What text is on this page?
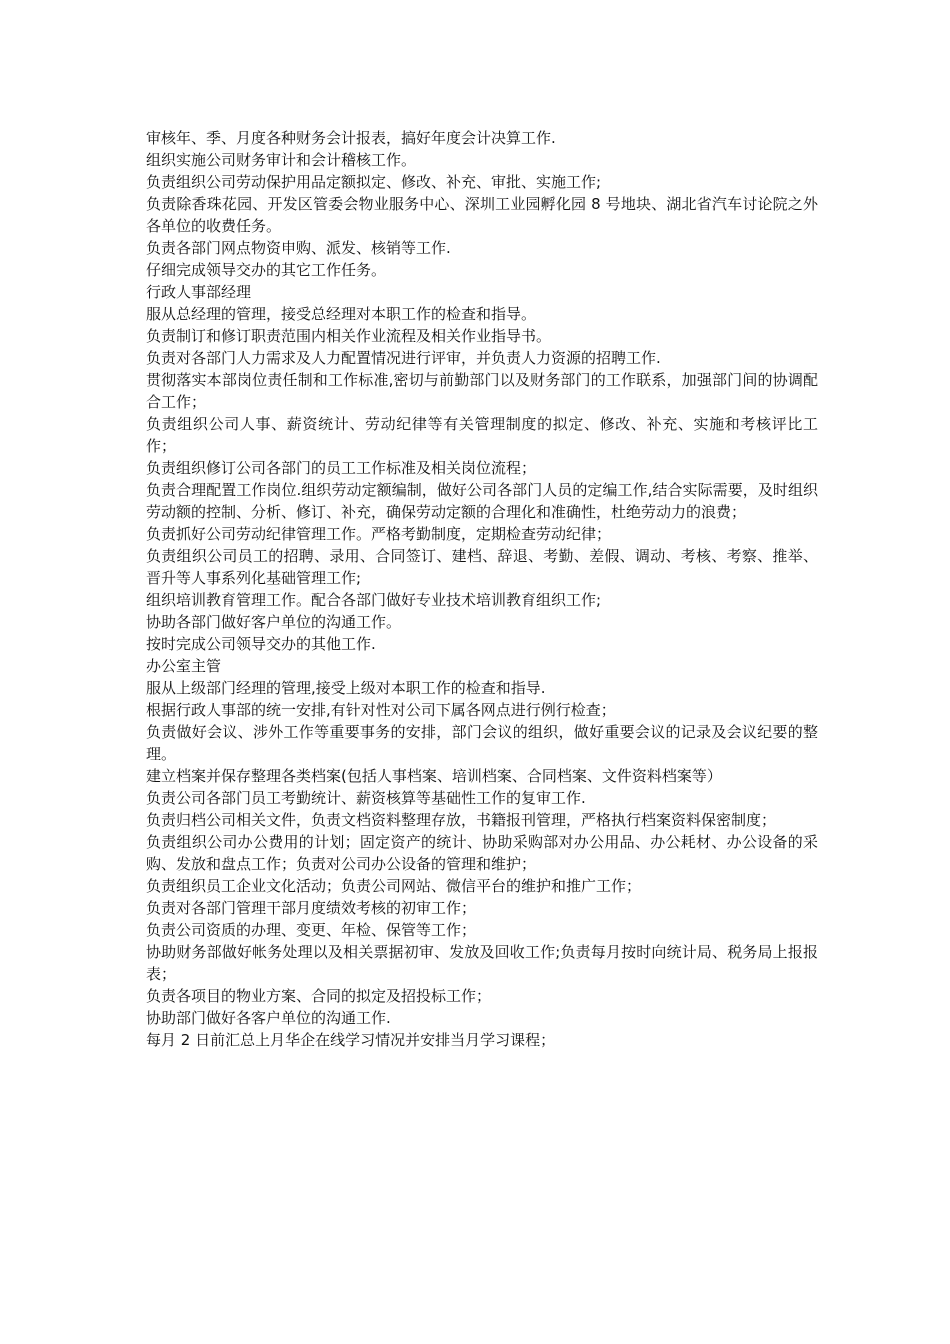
审核年、季、月度各种财务会计报表，搞好年度会计决算工作.

组织实施公司财务审计和会计稽核工作。

负责组织公司劳动保护用品定额拟定、修改、补充、审批、实施工作;

负责除香珠花园、开发区管委会物业服务中心、深圳工业园孵化园 8 号地块、湖北省汽车讨论院之外各单位的收费任务。

负责各部门网点物资申购、派发、核销等工作.

仔细完成领导交办的其它工作任务。

行政人事部经理

服从总经理的管理，接受总经理对本职工作的检查和指导。

负责制订和修订职责范围内相关作业流程及相关作业指导书。

负责对各部门人力需求及人力配置情况进行评审，并负责人力资源的招聘工作.

贯彻落实本部岗位责任制和工作标准,密切与前勤部门以及财务部门的工作联系，加强部门间的协调配合工作；

负责组织公司人事、薪资统计、劳动纪律等有关管理制度的拟定、修改、补充、实施和考核评比工作；

负责组织修订公司各部门的员工工作标准及相关岗位流程；

负责合理配置工作岗位.组织劳动定额编制，做好公司各部门人员的定编工作,结合实际需要，及时组织劳动额的控制、分析、修订、补充，确保劳动定额的合理化和准确性，杜绝劳动力的浪费；

负责抓好公司劳动纪律管理工作。严格考勤制度，定期检查劳动纪律；

负责组织公司员工的招聘、录用、合同签订、建档、辞退、考勤、差假、调动、考核、考察、推举、晋升等人事系列化基础管理工作;

组织培训教育管理工作。配合各部门做好专业技术培训教育组织工作;

协助各部门做好客户单位的沟通工作。

按时完成公司领导交办的其他工作.

办公室主管

服从上级部门经理的管理,接受上级对本职工作的检查和指导.

根据行政人事部的统一安排,有针对性对公司下属各网点进行例行检查；

负责做好会议、涉外工作等重要事务的安排，部门会议的组织，做好重要会议的记录及会议纪要的整理。

建立档案并保存整理各类档案(包括人事档案、培训档案、合同档案、文件资料档案等）

负责公司各部门员工考勤统计、薪资核算等基础性工作的复审工作.

负责归档公司相关文件，负责文档资料整理存放，书籍报刊管理，严格执行档案资料保密制度；

负责组织公司办公费用的计划；固定资产的统计、协助采购部对办公用品、办公耗材、办公设备的采购、发放和盘点工作；负责对公司办公设备的管理和维护；

负责组织员工企业文化活动；负责公司网站、微信平台的维护和推广工作；

负责对各部门管理干部月度绩效考核的初审工作；

负责公司资质的办理、变更、年检、保管等工作；

协助财务部做好帐务处理以及相关票据初审、发放及回收工作;负责每月按时向统计局、税务局上报报表；

负责各项目的物业方案、合同的拟定及招投标工作；

协助部门做好各客户单位的沟通工作.

每月 2 日前汇总上月华企在线学习情况并安排当月学习课程；
